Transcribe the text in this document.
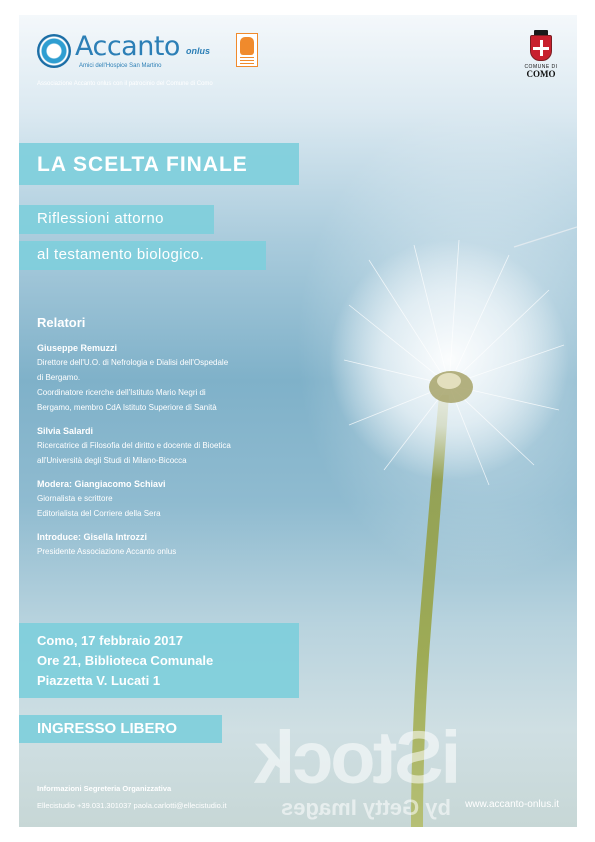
iStock
by Getty Images
Accanto onlus
Amici dell'Hospice San Martino
Associazione Accanto onlus con il patrocinio del Comune di Como
COMUNE DI
COMO
LA SCELTA FINALE
Riflessioni attorno
al testamento biologico.
Relatori
Giuseppe Remuzzi
Direttore dell'U.O. di Nefrologia e Dialisi dell'Ospedale
di Bergamo.
Coordinatore ricerche dell'Istituto Mario Negri di
Bergamo, membro CdA Istituto Superiore di Sanità
Silvia Salardi
Ricercatrice di Filosofia del diritto e docente di Bioetica
all'Università degli Studi di Milano-Bicocca
Modera: Giangiacomo Schiavi
Giornalista e scrittore
Editorialista del Corriere della Sera
Introduce: Gisella Introzzi
Presidente Associazione Accanto onlus
Como, 17 febbraio 2017
Ore 21, Biblioteca Comunale
Piazzetta V. Lucati 1
INGRESSO LIBERO
Informazioni Segreteria Organizzativa
Ellecistudio +39.031.301037 paola.carlotti@ellecistudio.it	www.accanto-onlus.it
